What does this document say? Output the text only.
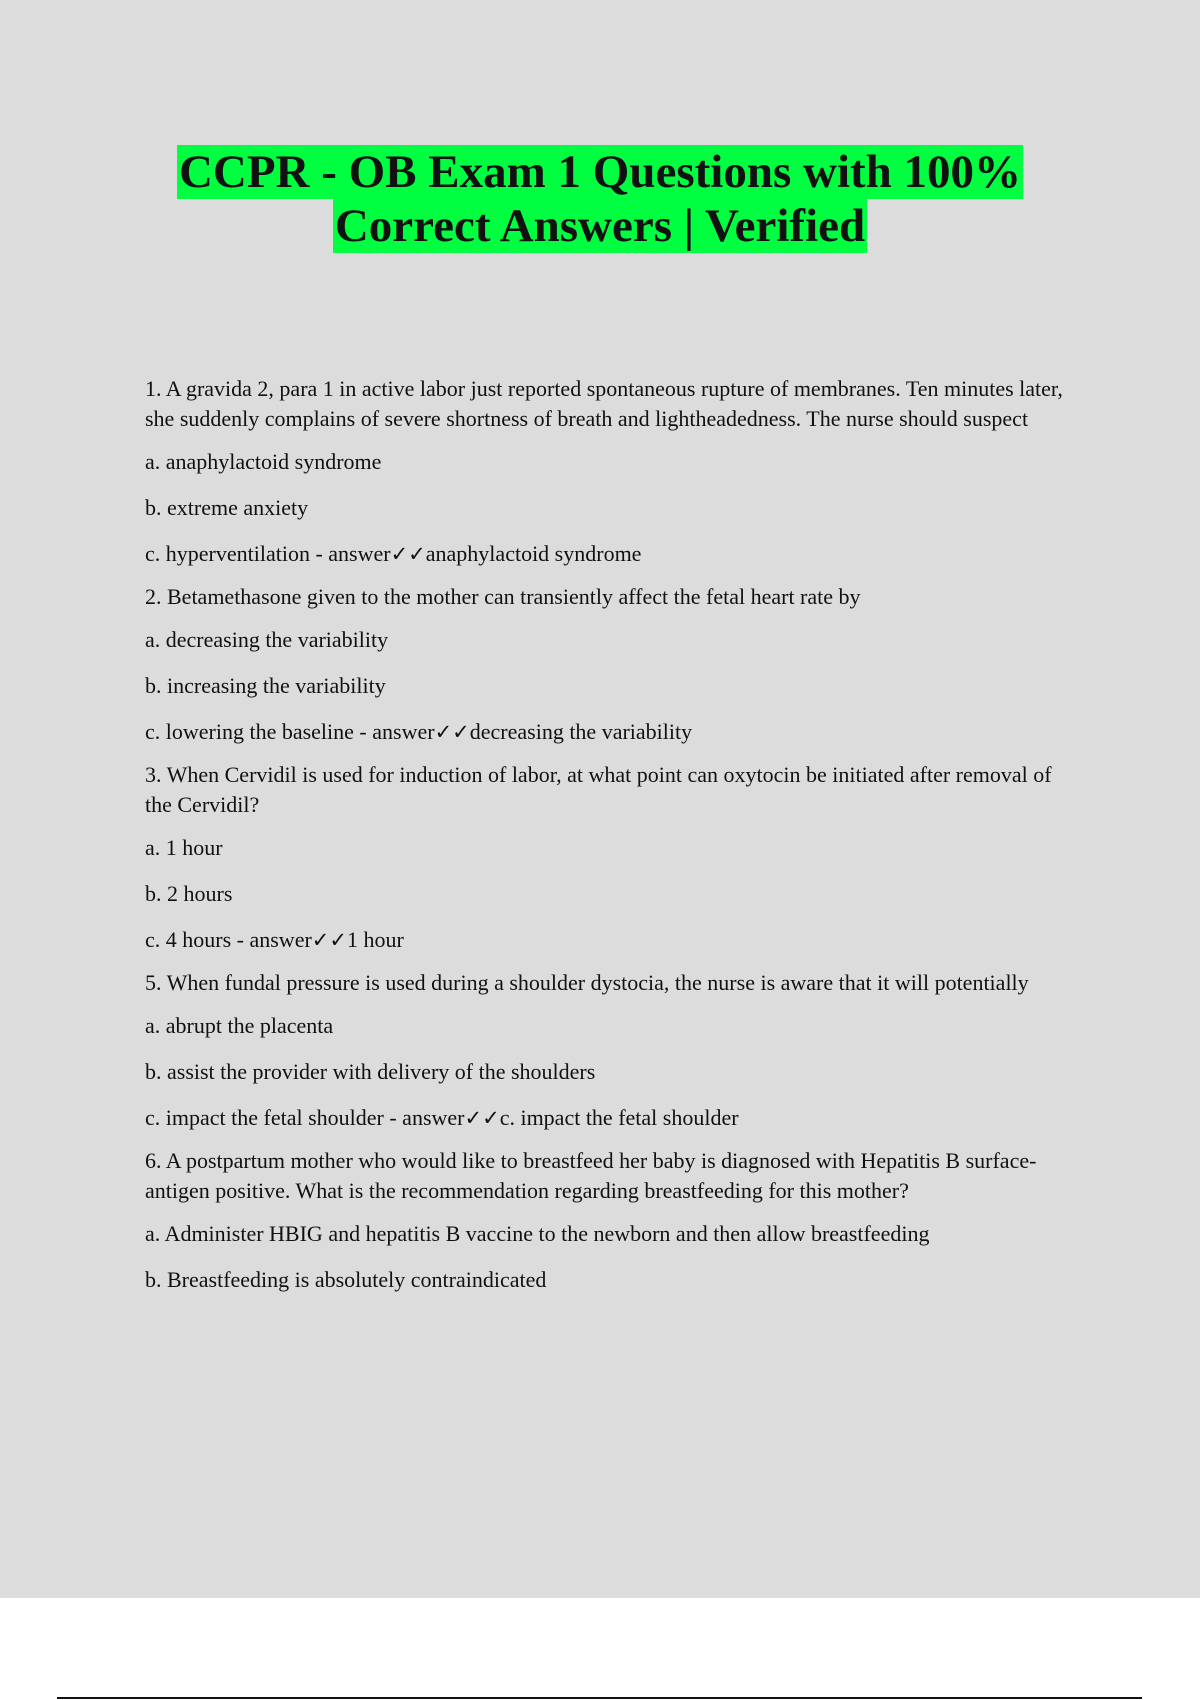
CCPR - OB Exam 1 Questions with 100%
Correct Answers | Verified

1. A gravida 2, para 1 in active labor just reported spontaneous rupture of membranes. Ten minutes later, she suddenly complains of severe shortness of breath and lightheadedness. The nurse should suspect

a. anaphylactoid syndrome

b. extreme anxiety

c. hyperventilation - answer✓✓anaphylactoid syndrome

2. Betamethasone given to the mother can transiently affect the fetal heart rate by

a. decreasing the variability

b. increasing the variability

c. lowering the baseline - answer✓✓decreasing the variability

3. When Cervidil is used for induction of labor, at what point can oxytocin be initiated after removal of the Cervidil?

a. 1 hour

b. 2 hours

c. 4 hours - answer✓✓1 hour

5. When fundal pressure is used during a shoulder dystocia, the nurse is aware that it will potentially

a. abrupt the placenta

b. assist the provider with delivery of the shoulders

c. impact the fetal shoulder - answer✓✓c. impact the fetal shoulder

6. A postpartum mother who would like to breastfeed her baby is diagnosed with Hepatitis B surface-antigen positive. What is the recommendation regarding breastfeeding for this mother?

a. Administer HBIG and hepatitis B vaccine to the newborn and then allow breastfeeding

b. Breastfeeding is absolutely contraindicated
